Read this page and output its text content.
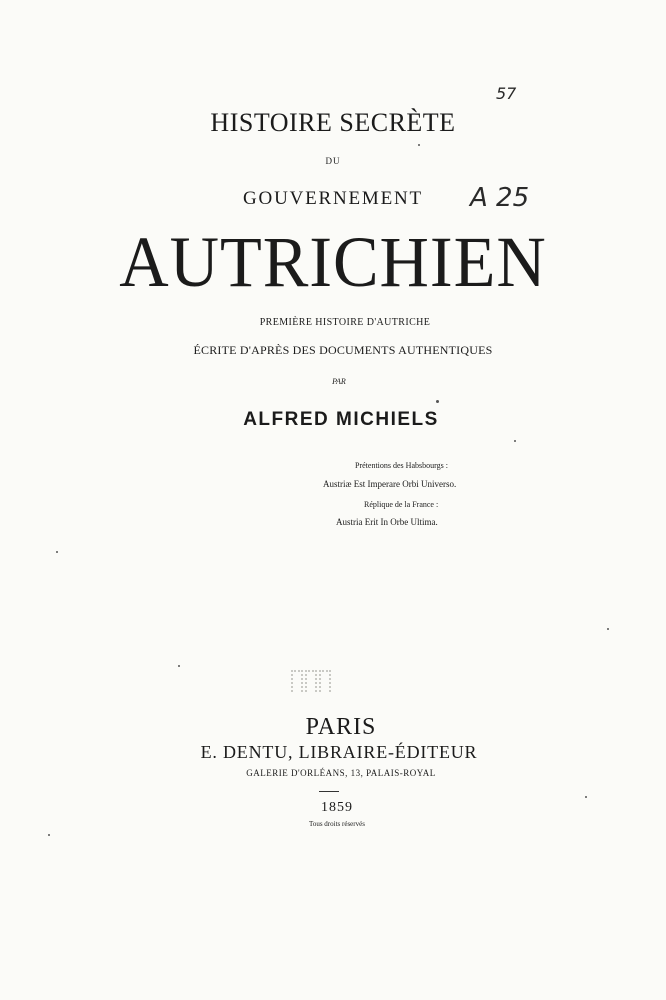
57
A 25
HISTOIRE SECRÈTE
DU
GOUVERNEMENT
AUTRICHIEN
PREMIÈRE HISTOIRE D'AUTRICHE
ÉCRITE D'APRÈS DES DOCUMENTS AUTHENTIQUES
PAR
ALFRED MICHIELS
Prétentions des Habsbourgs :
Austriæ Est Imperare Orbi Universo.
Réplique de la France :
Austria Erit In Orbe Ultima.
PARIS
E. DENTU, LIBRAIRE-ÉDITEUR
GALERIE D'ORLÉANS, 13, PALAIS-ROYAL
1859
Tous droits réservés
